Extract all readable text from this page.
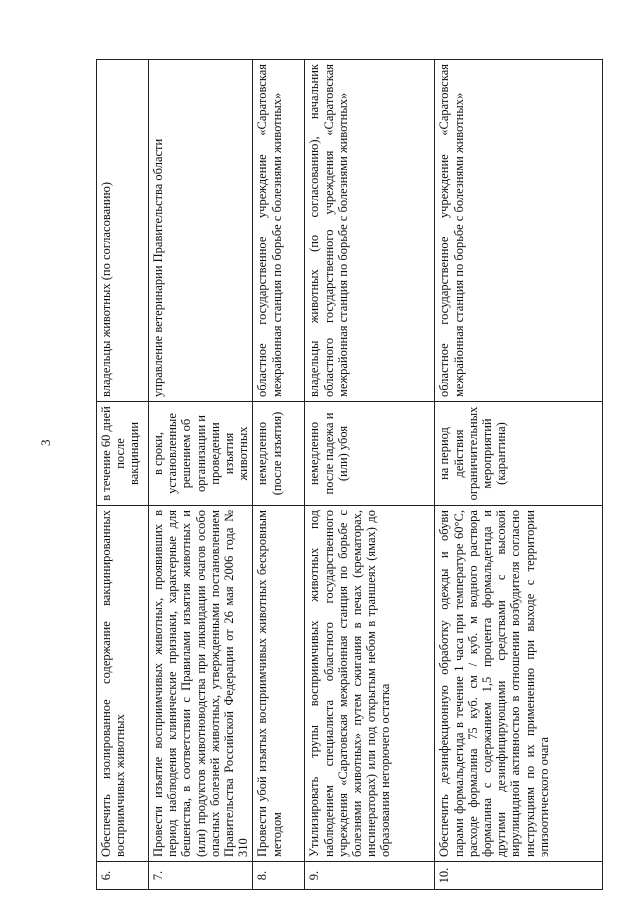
3
6.	Обеспечить изолированное содержание вакцинированных восприимчивых животных	в течение 60 дней после вакцинации	владельцы животных (по согласованию)
7.	Провести изъятие восприимчивых животных, проявивших в период наблюдения клинические признаки, характерные для бешенства, в соответствии с Правилами изъятия животных и (или) продуктов животноводства при ликвидации очагов особо опасных болезней животных, утвержденными постановлением Правительства Российской Федерации от 26 мая 2006 года № 310	в сроки, установленные решением об организации и проведении изъятия животных	управление ветеринарии Правительства области
8.	Провести убой изъятых восприимчивых животных бескровным методом	немедленно (после изъятия)	областное государственное учреждение «Саратовская межрайонная станция по борьбе с болезнями животных»
9.	Утилизировать трупы восприимчивых животных под наблюдением специалиста областного государственного учреждения «Саратовская межрайонная станция по борьбе с болезнями животных» путем сжигания в печах (крематорах, инсинераторах) или под открытым небом в траншеях (ямах) до образования негорючего остатка	немедленно после падежа и (или) убоя	владельцы животных (по согласованию), начальник областного государственного учреждения «Саратовская межрайонная станция по борьбе с болезнями животных»
10.	Обеспечить дезинфекционную обработку одежды и обуви парами формальдегида в течение 1 часа при температуре 60°С, расходе формалина 75 куб. см / куб. м водного раствора формалина с содержанием 1,5 процента формальдегида и другими дезинфицирующими средствами с высокой вирулицидной активностью в отношении возбудителя согласно инструкциям по их применению при выходе с территории эпизоотического очага	на период действия ограничительных мероприятий (карантина)	областное государственное учреждение «Саратовская межрайонная станция по борьбе с болезнями животных»
